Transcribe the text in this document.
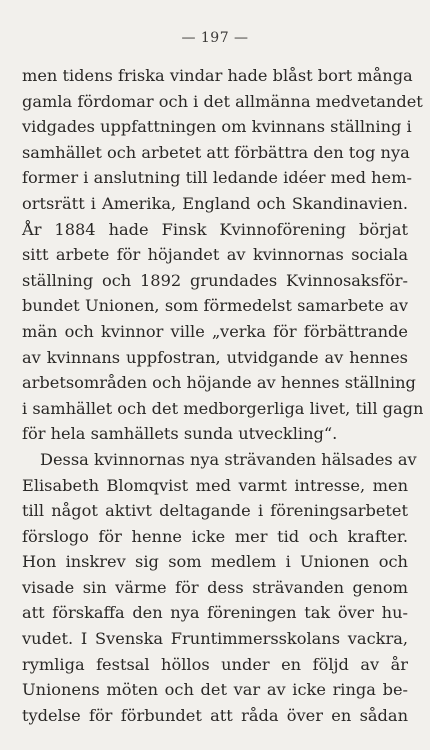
— 197 —
men tidens friska vindar hade blåst bort många
gamla fördomar och i det allmänna medvetandet
vidgades uppfattningen om kvinnans ställning i
samhället och arbetet att förbättra den tog nya
former i anslutning till ledande idéer med hem-
ortsrätt i Amerika, England och Skandinavien.
År 1884 hade Finsk Kvinnoförening börjat
sitt arbete för höjandet av kvinnornas sociala
ställning och 1892 grundades Kvinnosaksför-
bundet Unionen, som förmedelst samarbete av
män och kvinnor ville „verka för förbättrande
av kvinnans uppfostran, utvidgande av hennes
arbetsområden och höjande av hennes ställning
i samhället och det medborgerliga livet, till gagn
för hela samhällets sunda utveckling“.
Dessa kvinnornas nya strävanden hälsades av
Elisabeth Blomqvist med varmt intresse, men
till något aktivt deltagande i föreningsarbetet
förslogo för henne icke mer tid och krafter.
Hon inskrev sig som medlem i Unionen och
visade sin värme för dess strävanden genom
att förskaffa den nya föreningen tak över hu-
vudet. I Svenska Fruntimmersskolans vackra,
rymliga festsal höllos under en följd av år
Unionens möten och det var av icke ringa be-
tydelse för förbundet att råda över en sådan
